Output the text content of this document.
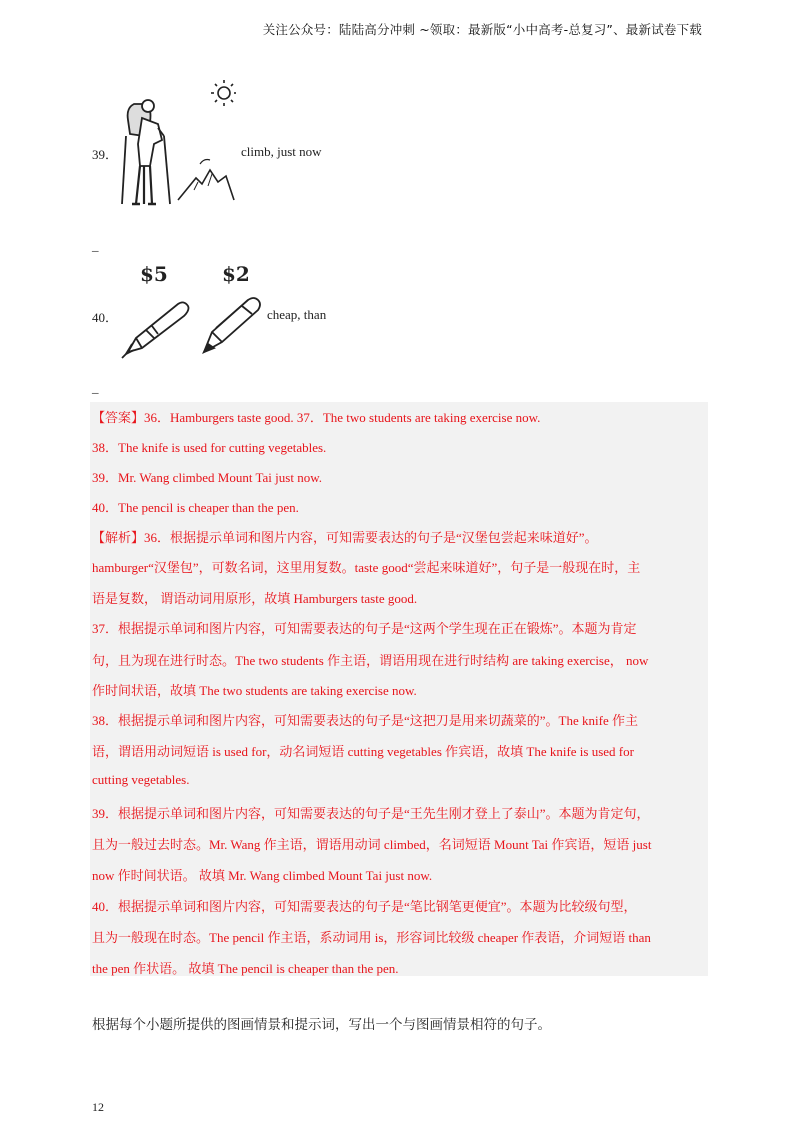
关注公众号：陆陆高分冲刺 ~领取：最新版“小中高考-总复习”、最新试卷下载
39．	climb, just now
_
$5	$2
40．	cheap, than
_
【答案】36．Hamburgers taste good. 37．The two students are taking exercise now.
38．The knife is used for cutting vegetables.
39．Mr. Wang climbed Mount Tai just now.
40．The pencil is cheaper than the pen.
【解析】36．根据提示单词和图片内容，可知需要表达的句子是“汉堡包尝起来味道好”。
hamburger“汉堡包”，可数名词，这里用复数。taste good“尝起来味道好”，句子是一般现在时，主
语是复数， 谓语动词用原形，故填 Hamburgers taste good.
37．根据提示单词和图片内容，可知需要表达的句子是“这两个学生现在正在锻炼”。本题为肯定
句，且为现在进行时态。The two students 作主语，谓语用现在进行时结构 are taking exercise， now
作时间状语，故填 The two students are taking exercise now.
38．根据提示单词和图片内容，可知需要表达的句子是“这把刀是用来切蔬菜的”。The knife 作主
语，谓语用动词短语 is used for，动名词短语 cutting vegetables 作宾语，故填 The knife is used for
cutting vegetables.
39．根据提示单词和图片内容，可知需要表达的句子是“王先生刚才登上了泰山”。本题为肯定句，
且为一般过去时态。Mr. Wang 作主语，谓语用动词 climbed，名词短语 Mount Tai 作宾语，短语 just
now 作时间状语。 故填 Mr. Wang climbed Mount Tai just now.
40．根据提示单词和图片内容，可知需要表达的句子是“笔比钢笔更便宜”。本题为比较级句型，
且为一般现在时态。The pencil 作主语，系动词用 is，形容词比较级 cheaper 作表语，介词短语 than
the pen 作状语。 故填 The pencil is cheaper than the pen.
根据每个小题所提供的图画情景和提示词，写出一个与图画情景相符的句子。
12
